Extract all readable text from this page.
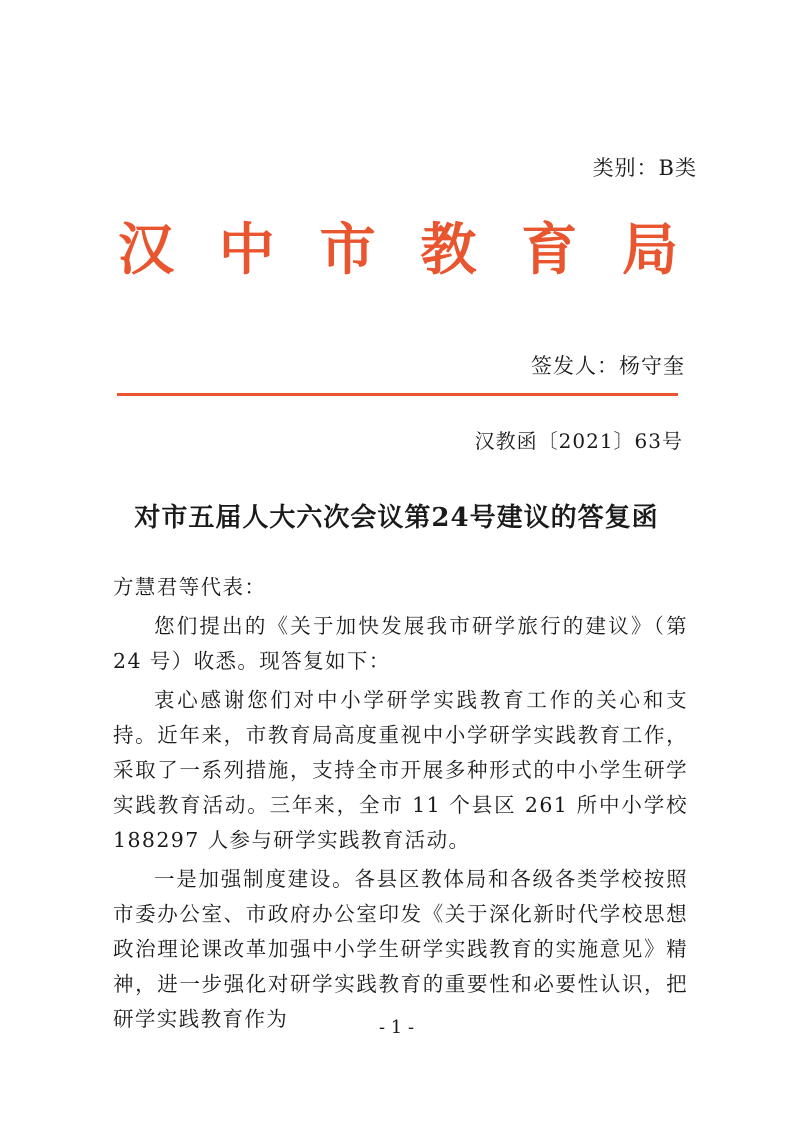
类别：B类
汉 中 市 教 育 局
签发人：杨守奎
汉教函〔2021〕63号
对市五届人大六次会议第24号建议的答复函

方慧君等代表：

您们提出的《关于加快发展我市研学旅行的建议》（第 24 号）收悉。现答复如下：

衷心感谢您们对中小学研学实践教育工作的关心和支持。近年来，市教育局高度重视中小学研学实践教育工作，采取了一系列措施，支持全市开展多种形式的中小学生研学实践教育活动。三年来，全市 11 个县区 261 所中小学校 188297 人参与研学实践教育活动。

一是加强制度建设。各县区教体局和各级各类学校按照市委办公室、市政府办公室印发《关于深化新时代学校思想政治理论课改革加强中小学生研学实践教育的实施意见》精神，进一步强化对研学实践教育的重要性和必要性认识，把研学实践教育作为	- 1 -
